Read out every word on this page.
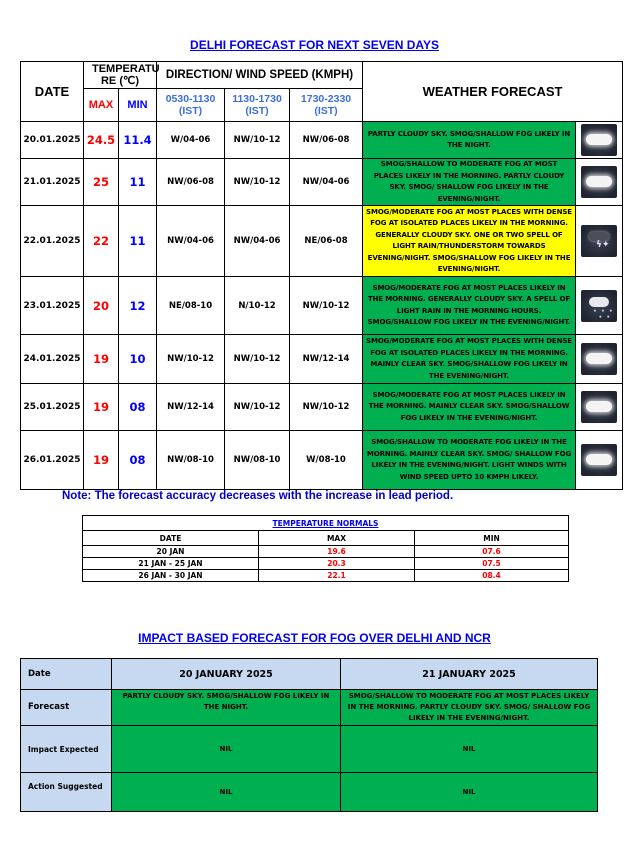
DELHI FORECAST FOR NEXT SEVEN DAYS
DATE	TEMPERATU RE (℃)		DIRECTION/ WIND SPEED (KMPH)			WEATHER FORECAST	
	MAX	MIN	0530-1130 (IST)	1130-1730 (IST)	1730-2330 (IST)		
20.01.2025	24.5	11.4	W/04-06	NW/10-12	NW/06-08	PARTLY CLOUDY SKY. SMOG/SHALLOW FOG LIKELY IN THE NIGHT.	

21.01.2025	25	11	NW/06-08	NW/10-12	NW/04-06	SMOG/SHALLOW TO MODERATE FOG AT MOST PLACES LIKELY IN THE MORNING. PARTLY CLOUDY SKY. SMOG/ SHALLOW FOG LIKELY IN THE EVENING/NIGHT.	

22.01.2025	22	11	NW/04-06	NW/04-06	NE/06-08	SMOG/MODERATE FOG AT MOST PLACES WITH DENSE FOG AT ISOLATED PLACES LIKELY IN THE MORNING. GENERALLY CLOUDY SKY. ONE OR TWO SPELL OF LIGHT RAIN/THUNDERSTORM TOWARDS EVENING/NIGHT. SMOG/SHALLOW FOG LIKELY IN THE EVENING/NIGHT.	ϟ✦

23.01.2025	20	12	NE/08-10	N/10-12	NW/10-12	SMOG/MODERATE FOG AT MOST PLACES LIKELY IN THE MORNING. GENERALLY CLOUDY SKY. A SPELL OF LIGHT RAIN IN THE MORNING HOURS. SMOG/SHALLOW FOG LIKELY IN THE EVENING/NIGHT.	• • •
• •

24.01.2025	19	10	NW/10-12	NW/10-12	NW/12-14	SMOG/MODERATE FOG AT MOST PLACES WITH DENSE FOG AT ISOLATED PLACES LIKELY IN THE MORNING. MAINLY CLEAR SKY. SMOG/SHALLOW FOG LIKELY IN THE EVENING/NIGHT.	

25.01.2025	19	08	NW/12-14	NW/10-12	NW/10-12	SMOG/MODERATE FOG AT MOST PLACES LIKELY IN THE MORNING. MAINLY CLEAR SKY. SMOG/SHALLOW FOG LIKELY IN THE EVENING/NIGHT.	

26.01.2025	19	08	NW/08-10	NW/08-10	W/08-10	SMOG/SHALLOW TO MODERATE FOG LIKELY IN THE MORNING. MAINLY CLEAR SKY. SMOG/ SHALLOW FOG LIKELY IN THE EVENING/NIGHT. LIGHT WINDS WITH WIND SPEED UPTO 10 KMPH LIKELY.	
Note: The forecast accuracy decreases with the increase in lead period.
TEMPERATURE NORMALS		
DATE	MAX	MIN
20 JAN	19.6	07.6
21 JAN - 25 JAN	20.3	07.5
26 JAN - 30 JAN	22.1	08.4
IMPACT BASED FORECAST FOR FOG OVER DELHI AND NCR
Date	20 JANUARY 2025	21 JANUARY 2025
Forecast	PARTLY CLOUDY SKY. SMOG/SHALLOW FOG LIKELY IN THE NIGHT.	SMOG/SHALLOW TO MODERATE FOG AT MOST PLACES LIKELY IN THE MORNING. PARTLY CLOUDY SKY. SMOG/ SHALLOW FOG LIKELY IN THE EVENING/NIGHT.
Impact Expected	NIL	NIL
Action Suggested	NIL	NIL
